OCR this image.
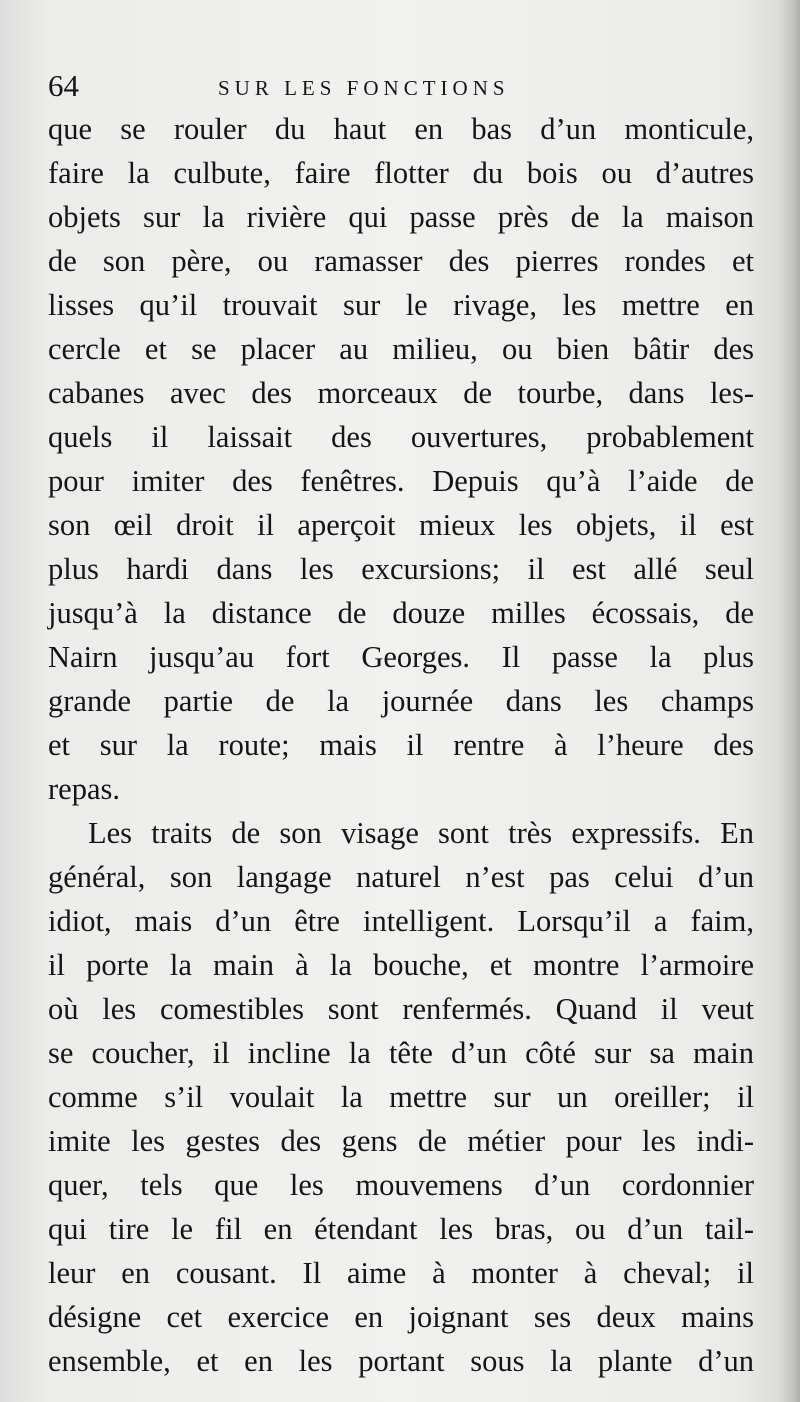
64	SUR LES FONCTIONS
que se rouler du haut en bas d’un monticule,
faire la culbute, faire flotter du bois ou d’autres
objets sur la rivière qui passe près de la maison
de son père, ou ramasser des pierres rondes et
lisses qu’il trouvait sur le rivage, les mettre en
cercle et se placer au milieu, ou bien bâtir des
cabanes avec des morceaux de tourbe, dans les-
quels il laissait des ouvertures, probablement
pour imiter des fenêtres. Depuis qu’à l’aide de
son œil droit il aperçoit mieux les objets, il est
plus hardi dans les excursions; il est allé seul
jusqu’à la distance de douze milles écossais, de
Nairn jusqu’au fort Georges. Il passe la plus
grande partie de la journée dans les champs
et sur la route; mais il rentre à l’heure des
repas.
Les traits de son visage sont très expressifs. En
général, son langage naturel n’est pas celui d’un
idiot, mais d’un être intelligent. Lorsqu’il a faim,
il porte la main à la bouche, et montre l’armoire
où les comestibles sont renfermés. Quand il veut
se coucher, il incline la tête d’un côté sur sa main
comme s’il voulait la mettre sur un oreiller; il
imite les gestes des gens de métier pour les indi-
quer, tels que les mouvemens d’un cordonnier
qui tire le fil en étendant les bras, ou d’un tail-
leur en cousant. Il aime à monter à cheval; il
désigne cet exercice en joignant ses deux mains
ensemble, et en les portant sous la plante d’un
